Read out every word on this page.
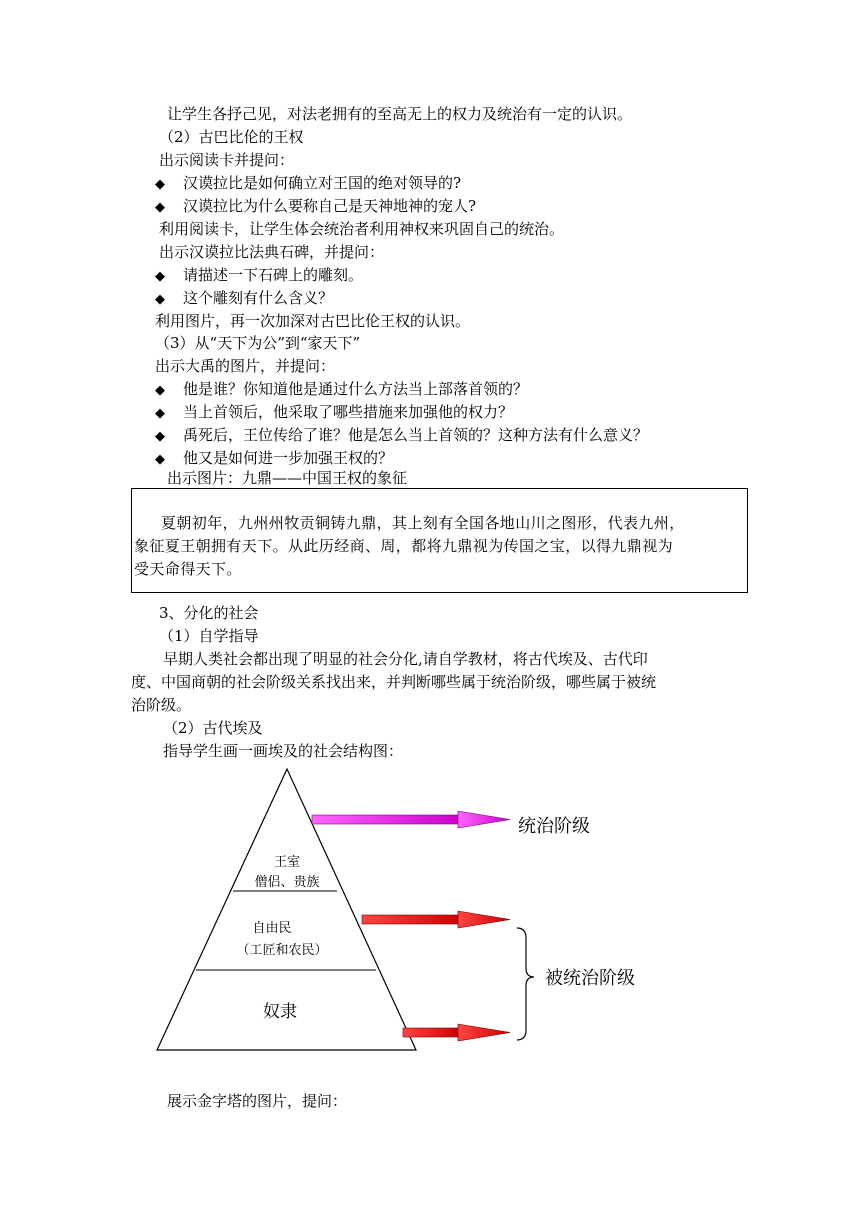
让学生各抒己见，对法老拥有的至高无上的权力及统治有一定的认识。
（2）古巴比伦的王权
出示阅读卡并提问：
◆ 汉谟拉比是如何确立对王国的绝对领导的?
◆ 汉谟拉比为什么要称自己是天神地神的宠人?
利用阅读卡，让学生体会统治者利用神权来巩固自己的统治。
出示汉谟拉比法典石碑，并提问：
◆ 请描述一下石碑上的雕刻。
◆ 这个雕刻有什么含义？
利用图片，再一次加深对古巴比伦王权的认识。
（3）从“天下为公”到“家天下”
出示大禹的图片，并提问：
◆ 他是谁？你知道他是通过什么方法当上部落首领的？
◆ 当上首领后，他采取了哪些措施来加强他的权力？
◆ 禹死后，王位传给了谁？他是怎么当上首领的？这种方法有什么意义？
◆ 他又是如何进一步加强王权的？
出示图片：九鼎——中国王权的象征

夏朝初年，九州州牧贡铜铸九鼎，其上刻有全国各地山川之图形，代表九州，

象征夏王朝拥有天下。从此历经商、周，都将九鼎视为传国之宝，以得九鼎视为

受天命得天下。

3、分化的社会
（1）自学指导
早期人类社会都出现了明显的社会分化,请自学教材，将古代埃及、古代印
度、中国商朝的社会阶级关系找出来，并判断哪些属于统治阶级，哪些属于被统
治阶级。
（2）古代埃及
指导学生画一画埃及的社会结构图：
王室
僧侣、贵族
自由民
（工匠和农民）
奴隶
统治阶级
被统治阶级
展示金字塔的图片，提问：
